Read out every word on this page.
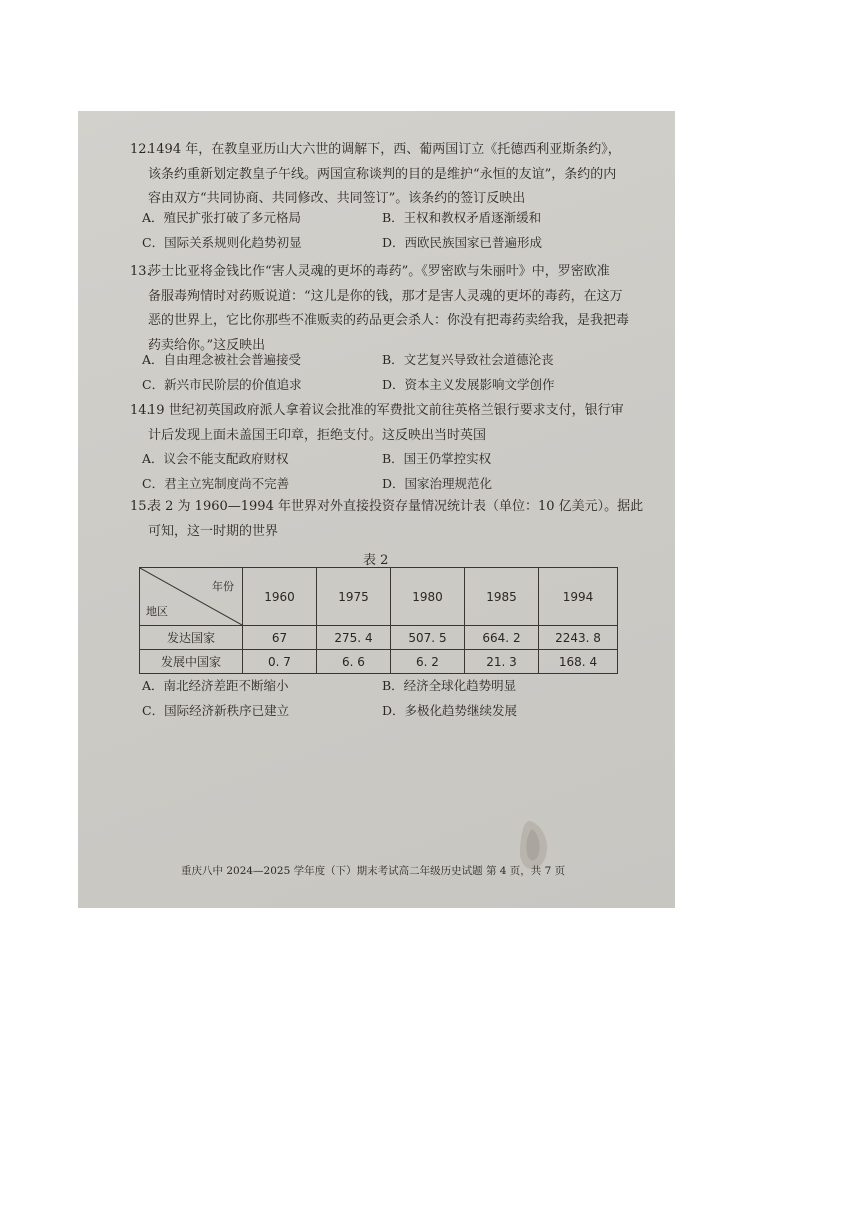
12.
1494 年，在教皇亚历山大六世的调解下，西、葡两国订立《托德西利亚斯条约》，
该条约重新划定教皇子午线。两国宣称谈判的目的是维护“永恒的友谊”，条约的内
容由双方“共同协商、共同修改、共同签订”。该条约的签订反映出
A．殖民扩张打破了多元格局	B．王权和教权矛盾逐渐缓和
C．国际关系规则化趋势初显	D．西欧民族国家已普遍形成
13.
莎士比亚将金钱比作“害人灵魂的更坏的毒药”。《罗密欧与朱丽叶》中，罗密欧准
备服毒殉情时对药贩说道：“这儿是你的钱，那才是害人灵魂的更坏的毒药，在这万
恶的世界上，它比你那些不准贩卖的药品更会杀人：你没有把毒药卖给我，是我把毒
药卖给你。”这反映出
A．自由理念被社会普遍接受	B．文艺复兴导致社会道德沦丧
C．新兴市民阶层的价值追求	D．资本主义发展影响文学创作
14.
19 世纪初英国政府派人拿着议会批准的军费批文前往英格兰银行要求支付，银行审
计后发现上面未盖国王印章，拒绝支付。这反映出当时英国
A．议会不能支配政府财权	B．国王仍掌控实权
C．君主立宪制度尚不完善	D．国家治理规范化
15.
表 2 为 1960—1994 年世界对外直接投资存量情况统计表（单位：10 亿美元）。据此
可知，这一时期的世界
表 2
年份
地区	1960	1975	1980	1985	1994
发达国家	67	275. 4	507. 5	664. 2	2243. 8
发展中国家	0. 7	6. 6	6. 2	21. 3	168. 4
A．南北经济差距不断缩小	B．经济全球化趋势明显
C．国际经济新秩序已建立	D．多极化趋势继续发展
重庆八中 2024—2025 学年度（下）期末考试高二年级历史试题 第 4 页，共 7 页
